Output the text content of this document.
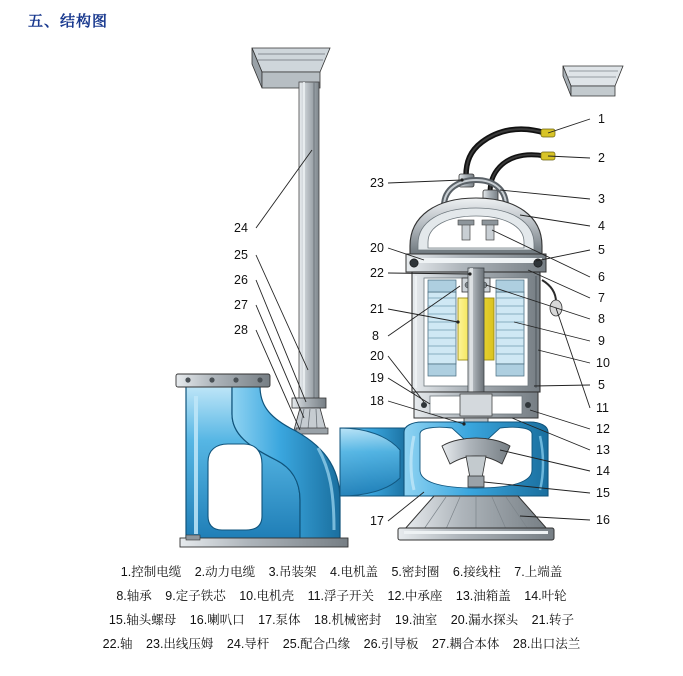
五、结构图
1
2
3
4
5
6
7
8
9
10
5
11
12
13
14
15
16
23
20
22
21
8
20
19
18
17
24
25
26
27
28
1.控制电缆 2.动力电缆 3.吊装架 4.电机盖 5.密封圈 6.接线柱 7.上端盖
8.轴承 9.定子铁芯 10.电机壳 11.浮子开关 12.中承座 13.油箱盖 14.叶轮
15.轴头螺母 16.喇叭口 17.泵体 18.机械密封 19.油室 20.漏水探头 21.转子
22.轴 23.出线压姆 24.导杆 25.配合凸缘 26.引导板 27.耦合本体 28.出口法兰
